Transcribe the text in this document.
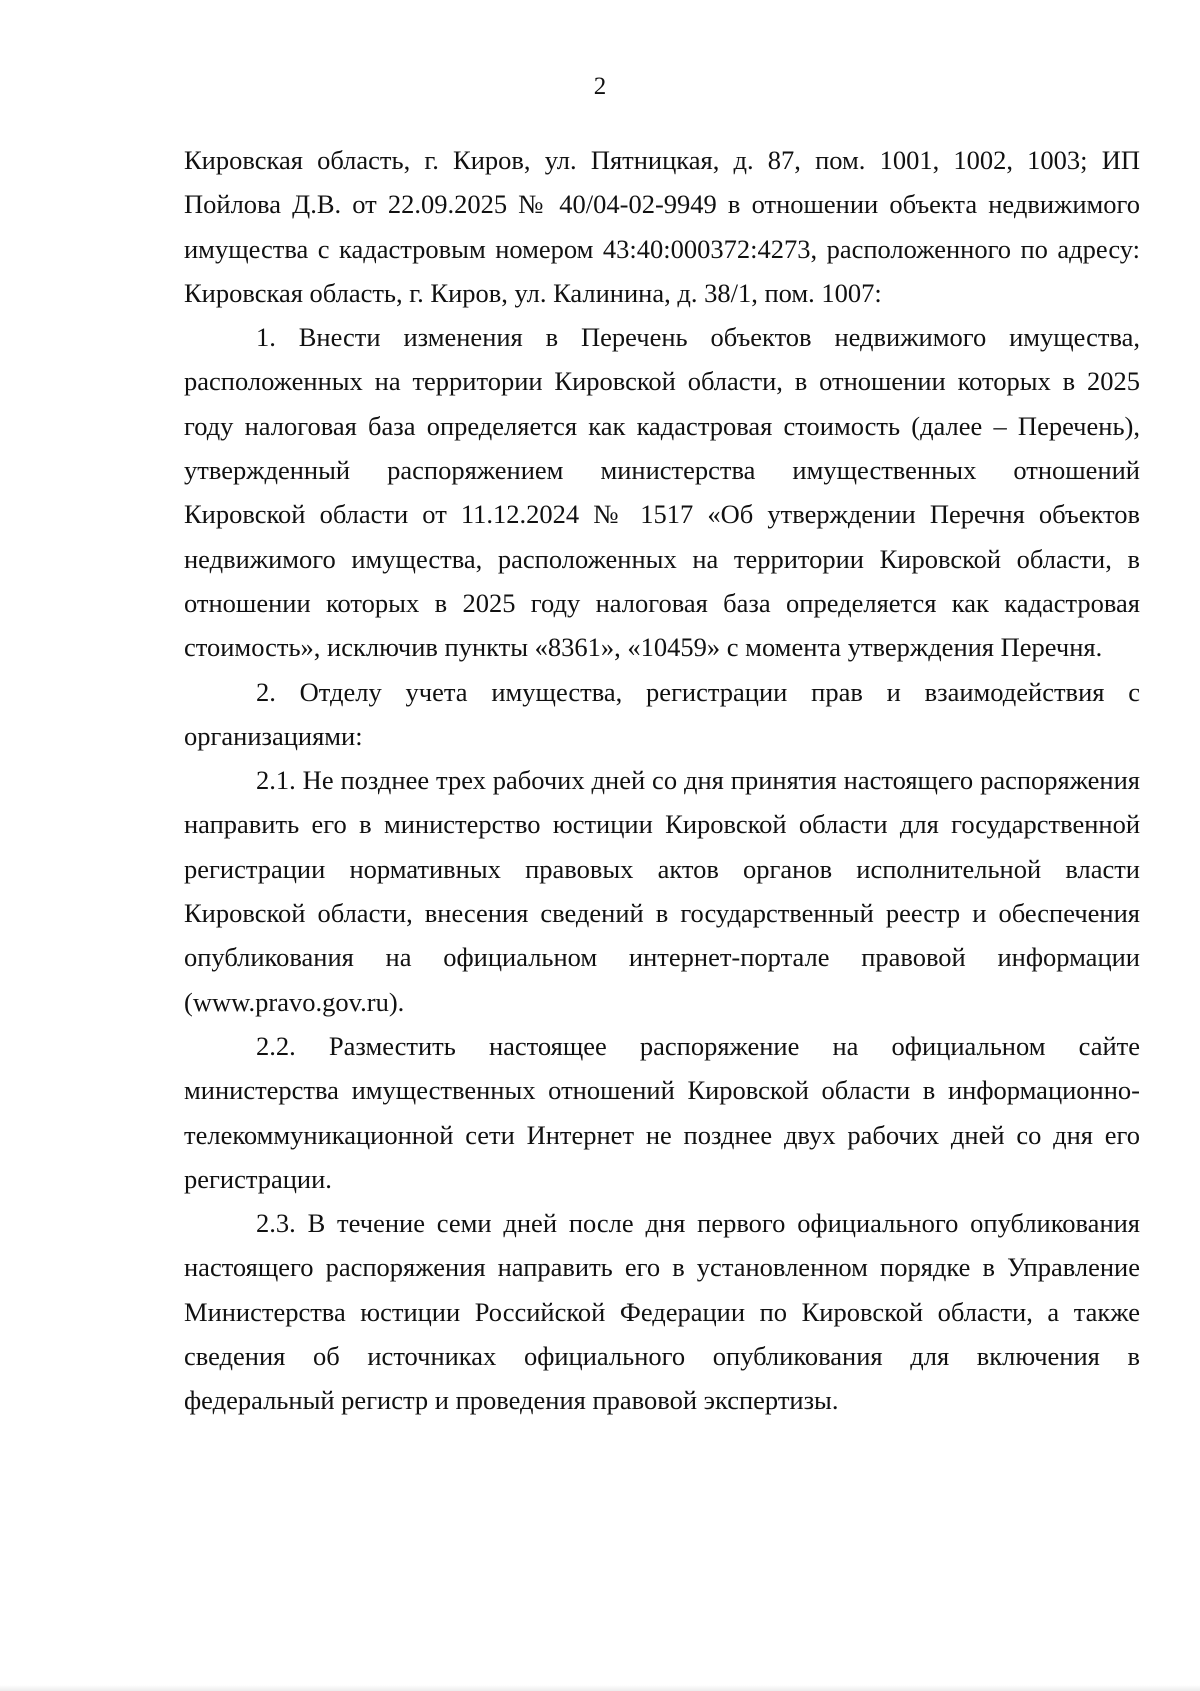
2

Кировская область, г. Киров, ул. Пятницкая, д. 87, пом. 1001, 1002, 1003; ИП Пойлова Д.В. от 22.09.2025 № 40/04-02-9949 в отношении объекта недвижимого имущества с кадастровым номером 43:40:000372:4273, расположенного по адресу: Кировская область, г. Киров, ул. Калинина, д. 38/1, пом. 1007:

1. Внести изменения в Перечень объектов недвижимого имущества, расположенных на территории Кировской области, в отношении которых в 2025 году налоговая база определяется как кадастровая стоимость (далее – Перечень), утвержденный распоряжением министерства имущественных отношений Кировской области от 11.12.2024 № 1517 «Об утверждении Перечня объектов недвижимого имущества, расположенных на территории Кировской области, в отношении которых в 2025 году налоговая база определяется как кадастровая стоимость», исключив пункты «8361», «10459» с момента утверждения Перечня.

2. Отделу учета имущества, регистрации прав и взаимодействия с организациями:

2.1. Не позднее трех рабочих дней со дня принятия настоящего распоряжения направить его в министерство юстиции Кировской области для государственной регистрации нормативных правовых актов органов исполнительной власти Кировской области, внесения сведений в государственный реестр и обеспечения опубликования на официальном интернет-портале правовой информации (www.pravo.gov.ru).

2.2. Разместить настоящее распоряжение на официальном сайте министерства имущественных отношений Кировской области в информационно-телекоммуникационной сети Интернет не позднее двух рабочих дней со дня его регистрации.

2.3. В течение семи дней после дня первого официального опубликования настоящего распоряжения направить его в установленном порядке в Управление Министерства юстиции Российской Федерации по Кировской области, а также сведения об источниках официального опубликования для включения в федеральный регистр и проведения правовой экспертизы.
